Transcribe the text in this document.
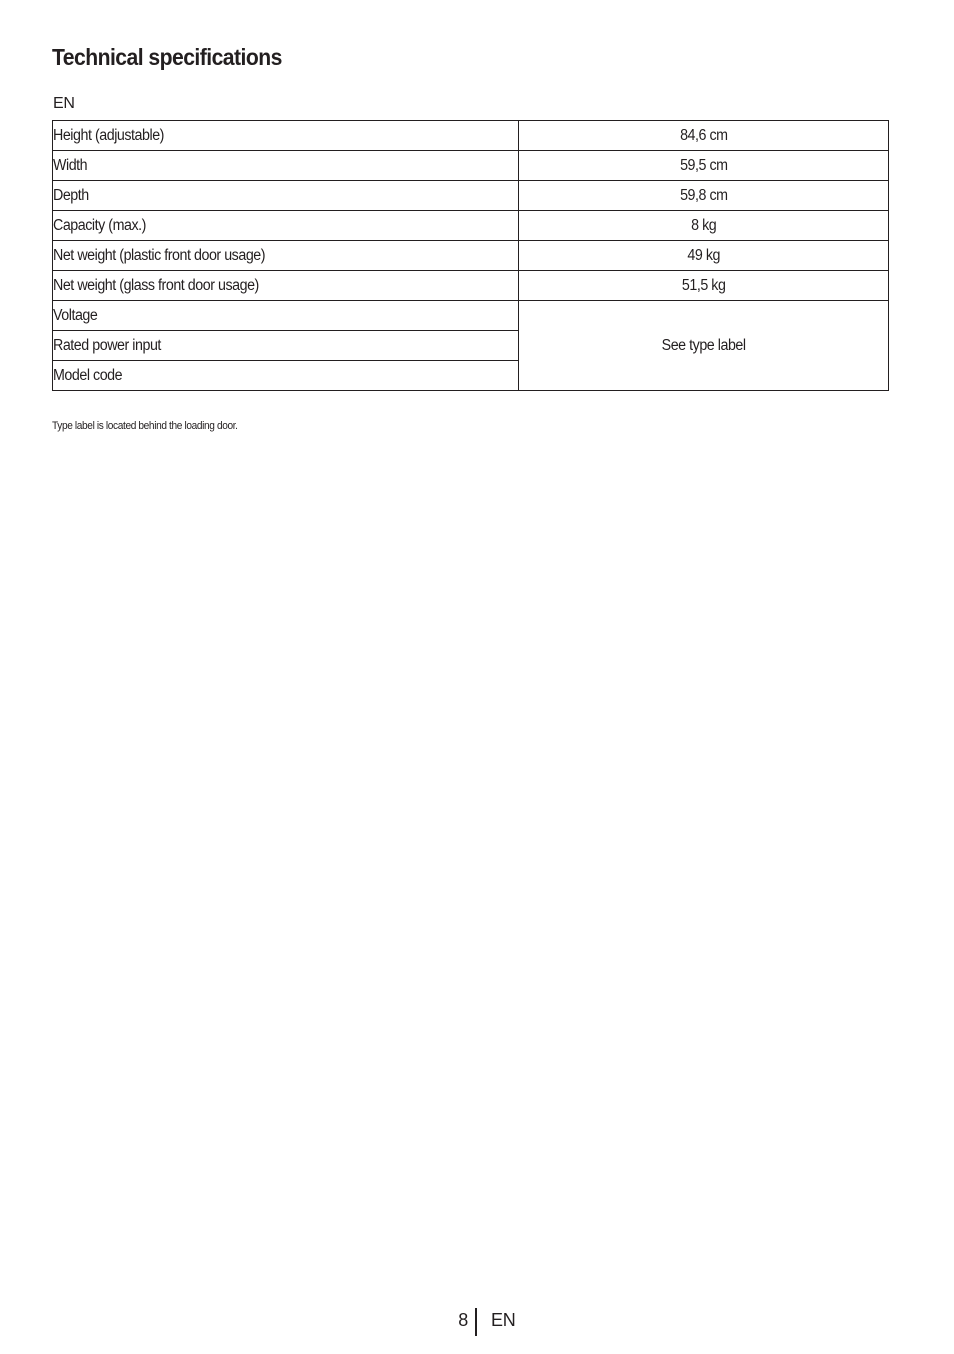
Technical specifications
EN
Height (adjustable)	84,6 cm
Width	59,5 cm
Depth	59,8 cm
Capacity (max.)	8 kg
Net weight (plastic front door usage)	49 kg
Net weight (glass front door usage)	51,5 kg
Voltage	See type label
Rated power input	
Model code	
Type label is located behind the loading door.
8 EN
